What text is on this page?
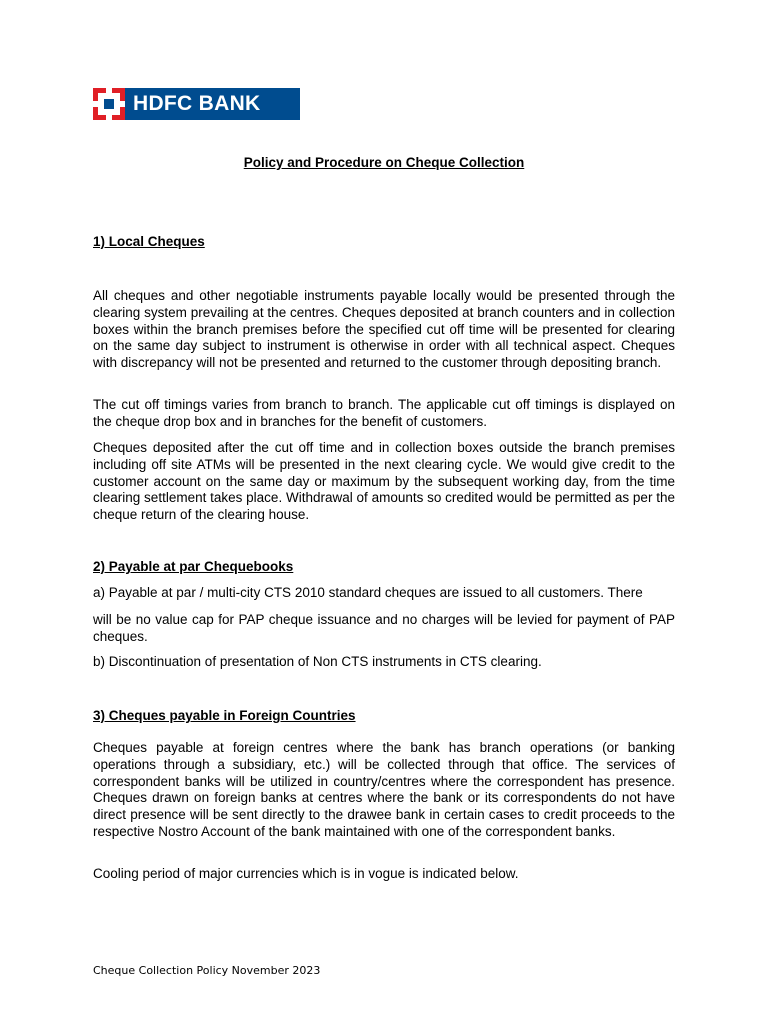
HDFC BANK
Policy and Procedure on Cheque Collection
1) Local Cheques
All cheques and other negotiable instruments payable locally would be presented through the clearing system prevailing at the centres. Cheques deposited at branch counters and in collection boxes within the branch premises before the specified cut off time will be presented for clearing on the same day subject to instrument is otherwise in order with all technical aspect. Cheques with discrepancy will not be presented and returned to the customer through depositing branch.
The cut off timings varies from branch to branch. The applicable cut off timings is displayed on the cheque drop box and in branches for the benefit of customers.
Cheques deposited after the cut off time and in collection boxes outside the branch premises including off site ATMs will be presented in the next clearing cycle. We would give credit to the customer account on the same day or maximum by the subsequent working day, from the time clearing settlement takes place. Withdrawal of amounts so credited would be permitted as per the cheque return of the clearing house.
2) Payable at par Chequebooks
a) Payable at par / multi-city CTS 2010 standard cheques are issued to all customers. There
will be no value cap for PAP cheque issuance and no charges will be levied for payment of PAP cheques.
b) Discontinuation of presentation of Non CTS instruments in CTS clearing.
3) Cheques payable in Foreign Countries
Cheques payable at foreign centres where the bank has branch operations (or banking operations through a subsidiary, etc.) will be collected through that office. The services of correspondent banks will be utilized in country/centres where the correspondent has presence. Cheques drawn on foreign banks at centres where the bank or its correspondents do not have direct presence will be sent directly to the drawee bank in certain cases to credit proceeds to the respective Nostro Account of the bank maintained with one of the correspondent banks.
Cooling period of major currencies which is in vogue is indicated below.
Cheque Collection Policy November 2023
